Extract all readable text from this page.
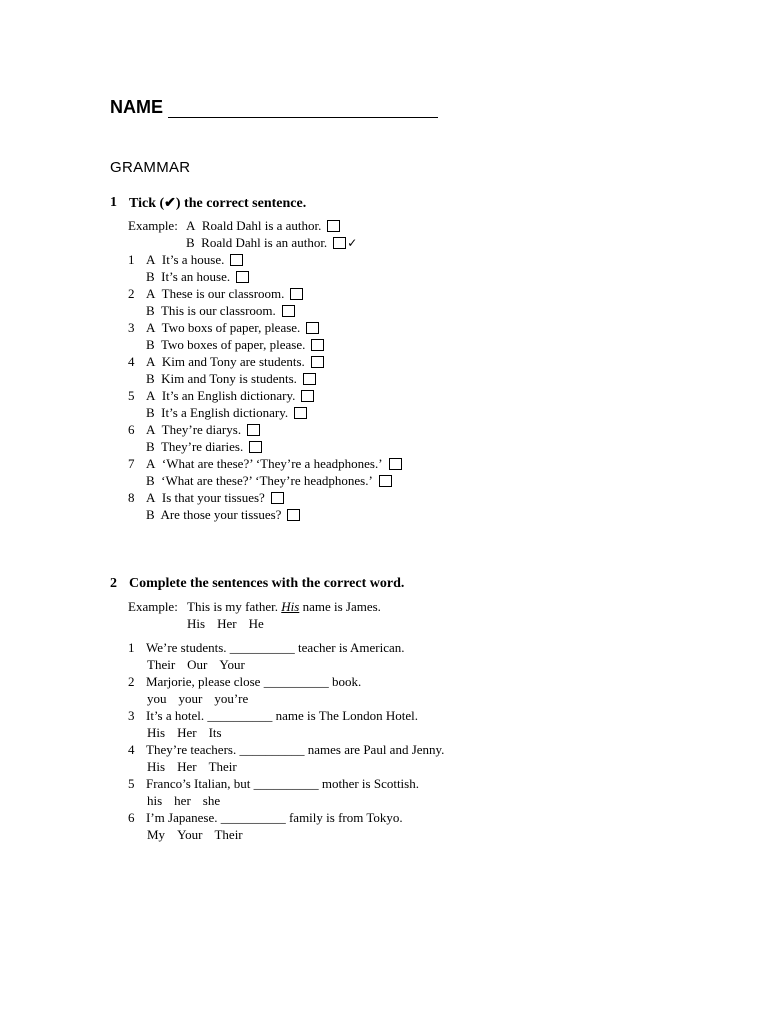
NAME
GRAMMAR
1 Tick (✔) the correct sentence.
Example: A Roald Dahl is a author.
B Roald Dahl is an author. ✓
1 A It’s a house.
B It’s an house.
2 A These is our classroom.
B This is our classroom.
3 A Two boxs of paper, please.
B Two boxes of paper, please.
4 A Kim and Tony are students.
B Kim and Tony is students.
5 A It’s an English dictionary.
B It’s a English dictionary.
6 A They’re diarys.
B They’re diaries.
7 A ‘What are these?’ ‘They’re a headphones.’
B ‘What are these?’ ‘They’re headphones.’
8 A Is that your tissues?
B Are those your tissues?
2 Complete the sentences with the correct word.
Example: This is my father. His name is James.
His Her He
1 We’re students. __________ teacher is American.
Their Our Your
2 Marjorie, please close __________ book.
you your you’re
3 It’s a hotel. __________ name is The London Hotel.
His Her Its
4 They’re teachers. __________ names are Paul and Jenny.
His Her Their
5 Franco’s Italian, but __________ mother is Scottish.
his her she
6 I’m Japanese. __________ family is from Tokyo.
My Your Their
